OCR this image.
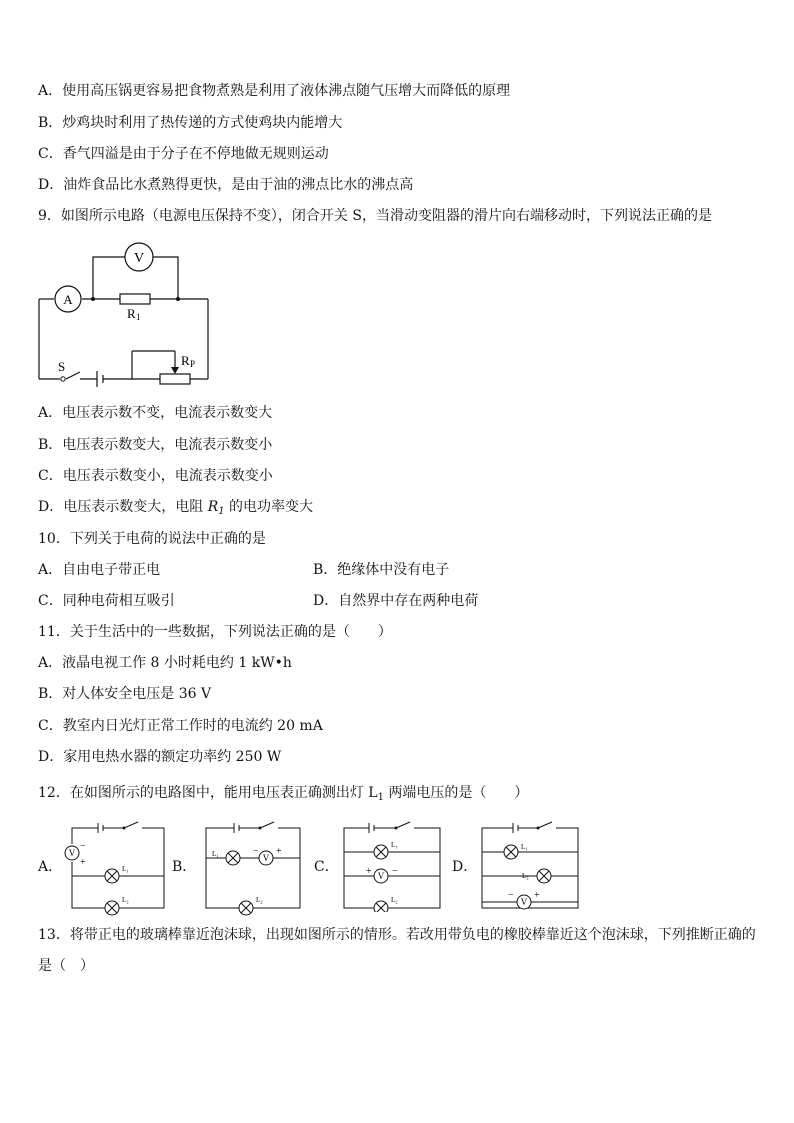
A．使用高压锅更容易把食物煮熟是利用了液体沸点随气压增大而降低的原理
B．炒鸡块时利用了热传递的方式使鸡块内能增大
C．香气四溢是由于分子在不停地做无规则运动
D．油炸食品比水煮熟得更快，是由于油的沸点比水的沸点高
9．如图所示电路（电源电压保持不变），闭合开关 S，当滑动变阻器的滑片向右端移动时，下列说法正确的是
V
A
R 1
R P
S
A．电压表示数不变，电流表示数变大
B．电压表示数变大，电流表示数变小
C．电压表示数变小，电流表示数变小
D．电压表示数变大，电阻 $R_1$ 的电功率变大
10．下列关于电荷的说法中正确的是
A．自由电子带正电	B．绝缘体中没有电子
C．同种电荷相互吸引	D．自然界中存在两种电荷
11．关于生活中的一些数据，下列说法正确的是（　　）
A．液晶电视工作 8 小时耗电约 1 kW•h
B．对人体安全电压是 36 V
C．教室内日光灯正常工作时的电流约 20 mA
D．家用电热水器的额定功率约 250 W
12．在如图所示的电路图中，能用电压表正确测出灯 $L_1$ 两端电压的是（　　）
A．	B．	C．	D．
V
−
+
L₁
L₂
L₁	V
− +
L₂
L₁
V
+ −
L₂
L₁
L₂
V
− +
13．将带正电的玻璃棒靠近泡沫球，出现如图所示的情形。若改用带负电的橡胶棒靠近这个泡沫球，下列推断正确的
是（　）
